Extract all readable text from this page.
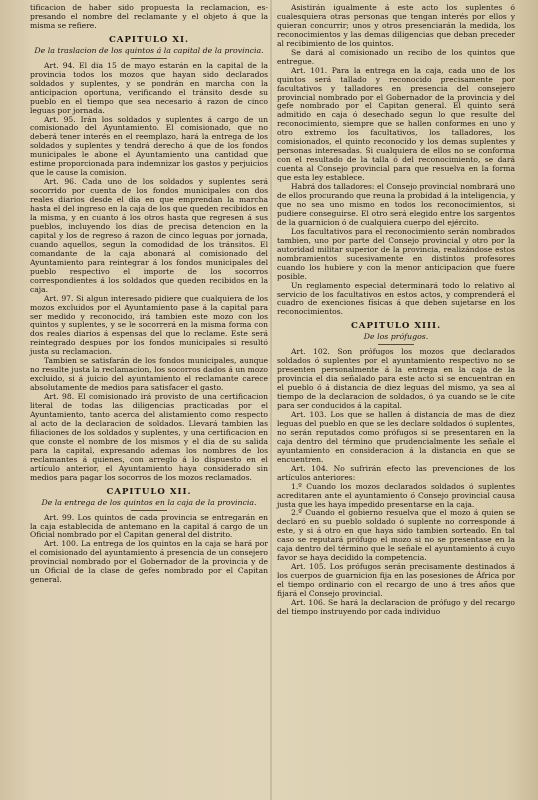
tificacion de haber sido propuesta la reclamacion, es-presando el nombre del reclamante y el objeto á que la misma se refiere.

CAPITULO XI.
De la traslacion de los quintos á la capital de la provincia.

Art. 94. El dia 15 de mayo estarán en la capital de la provincia todos los mozos que hayan sido declarados soldados y suplentes, y se pondrán en marcha con la anticipacion oportuna, verificando el tránsito desde su pueblo en el tiempo que sea necesario á razon de cinco leguas por jornada.

Art. 95. Irán los soldados y suplentes á cargo de un comisionado del Ayuntamiento. El comisionado, que no deberá tener interés en el reemplazo, hará la entrega de los soldados y suplentes y tendrá derecho á que de los fondos municipales le abone el Ayuntamiento una cantidad que estime proporcionada para indemnizar los gastos y perjuicios que le cause la comision.

Art. 96. Cada uno de los soldados y suplentes será socorrido por cuenta de los fondos municipales con dos reales diarios desde el dia en que emprendan la marcha hasta el del ingreso en la caja de los que queden recibidos en la misma, y en cuanto á los otros hasta que regresen á sus pueblos, incluyendo los dias de precisa detencion en la capital y los de regreso á razon de cinco leguas por jornada, cuando aquellos, segun la comodidad de los tránsitos. El comandante de la caja abonará al comisionado del Ayuntamiento para reintegrar á los fondos municipales del pueblo respectivo el importe de los socorros correspondientes á los soldados que queden recibidos en la caja.

Art. 97. Si algun interesado pidiere que cualquiera de los mozos excluidos por el Ayuntamiento pase á la capital para ser medido y reconocido, irá tambien este mozo con los quintos y suplentes, y se le socorrerá en la misma forma con dos reales diarios á espensas del que lo reclame. Este será reintegrado despues por los fondos municipales si resultó justa su reclamacion.

Tambien se satisfarán de los fondos municipales, aunque no resulte justa la reclamacion, los socorros dados á un mozo excluido, si á juicio del ayuntamiento el reclamante carece absolutamente de medios para satisfacer el gasto.

Art. 98. El comisionado irá provisto de una certificacion literal de todas las diligencias practicadas por el Ayuntamiento, tanto acerca del alistamiento como respecto al acto de la declaracion de soldados. Llevará tambien las filiaciones de los soldados y suplentes, y una certificacion en que conste el nombre de los mismos y el dia de su salida para la capital, expresando ademas los nombres de los reclamantes á quienes, con arreglo á lo dispuesto en el artículo anterior, el Ayuntamiento haya considerado sin medios para pagar los socorros de los mozos reclamados.

CAPITULO XII.
De la entrega de los quintos en la caja de la provincia.

Art. 99. Los quintos de cada provincia se entregarán en la caja establecida de antemano en la capital á cargo de un Oficial nombrado por el Capitan general del distrito.

Art. 100. La entrega de los quintos en la caja se hará por el comisionado del ayuntamiento á presencia de un consejero provincial nombrado por el Gobernador de la provincia y de un Oficial de la clase de gefes nombrado por el Capitan general.

Asistirán igualmente á este acto los suplentes ó cualesquiera otras personas que tengan interés por ellos y quieran concurrir; unos y otros presenciarán la medida, los reconocimientos y las demas diligencias que deban preceder al recibimiento de los quintos.

Se dará al comisionado un recibo de los quintos que entregue.

Art. 101. Para la entrega en la caja, cada uno de los quintos será tallado y reconocido precisamente por facultativos y talladores en presencia del consejero provincial nombrado por el Gobernador de la provincia y del gefe nombrado por el Capitan general. El quinto será admitido en caja ó desechado segun lo que resulte del reconocimiento, siempre que se hallen conformes en uno y otro extremo los facultativos, los talladores, los comisionados, el quinto reconocido y los demas suplentes y personas interesadas. Si cualquiera de ellos no se conforma con el resultado de la talla ó del reconocimiento, se dará cuenta al Consejo provincial para que resuelva en la forma que esta ley establece.

Habrá dos talladores: el Consejo provincial nombrará uno de ellos procurando que reuna la probidad á la inteligencia, y que no sea uno mismo en todos los reconocimientos, si pudiere conseguirse. El otro será elegido entre los sargentos de la guarnicion ó de cualquiera cuerpo del ejército.

Los facultativos para el reconocimiento serán nombrados tambien, uno por parte del Consejo provincial y otro por la autoridad militar superior de la provincia, realizándose estos nombramientos sucesivamente en distintos profesores cuando los hubiere y con la menor anticipacion que fuere posible.

Un reglamento especial determinará todo lo relativo al servicio de los facultativos en estos actos, y comprenderá el cuadro de exenciones físicas á que deben sujetarse en los reconocimientos.

CAPITULO XIII.
De los prófugos.

Art. 102. Son prófugos los mozos que declarados soldados ó suplentes por el ayuntamiento respectivo no se presenten personalmente á la entrega en la caja de la provincia el dia señalado para este acto si se encuentran en el pueblo ó á distancia de diez leguas del mismo, ya sea al tiempo de la declaracion de soldados, ó ya cuando se le cite para ser conducidos á la capital.

Art. 103. Los que se hallen á distancia de mas de diez leguas del pueblo en que se les declare soldados ó suplentes, no serán reputados como prófugos si se presentaren en la caja dentro del término que prudencialmente les señale el ayuntamiento en consideracion á la distancia en que se encuentren.

Art. 104. No sufrirán efecto las prevenciones de los artículos anteriores:

1.º Cuando los mozos declarados soldados ó suplentes acreditaren ante el ayuntamiento ó Consejo provincial causa justa que les haya impedido presentarse en la caja.

2.º Cuando el gobierno resuelva que el mozo á quien se declaró en su pueblo soldado ó suplente no corresponde á este, y si á otro en que haya sido tambien sorteado. En tal caso se reputará prófugo el mozo si no se presentase en la caja dentro del término que le señale el ayuntamiento á cuyo favor se haya decidido la competencia.

Art. 105. Los prófugos serán precisamente destinados á los cuerpos de guarnicion fija en las posesiones de África por el tiempo ordinario con el recargo de uno á tres años que fijará el Consejo provincial.

Art. 106. Se hará la declaracion de prófugo y del recargo del tiempo instruyendo por cada individuo
